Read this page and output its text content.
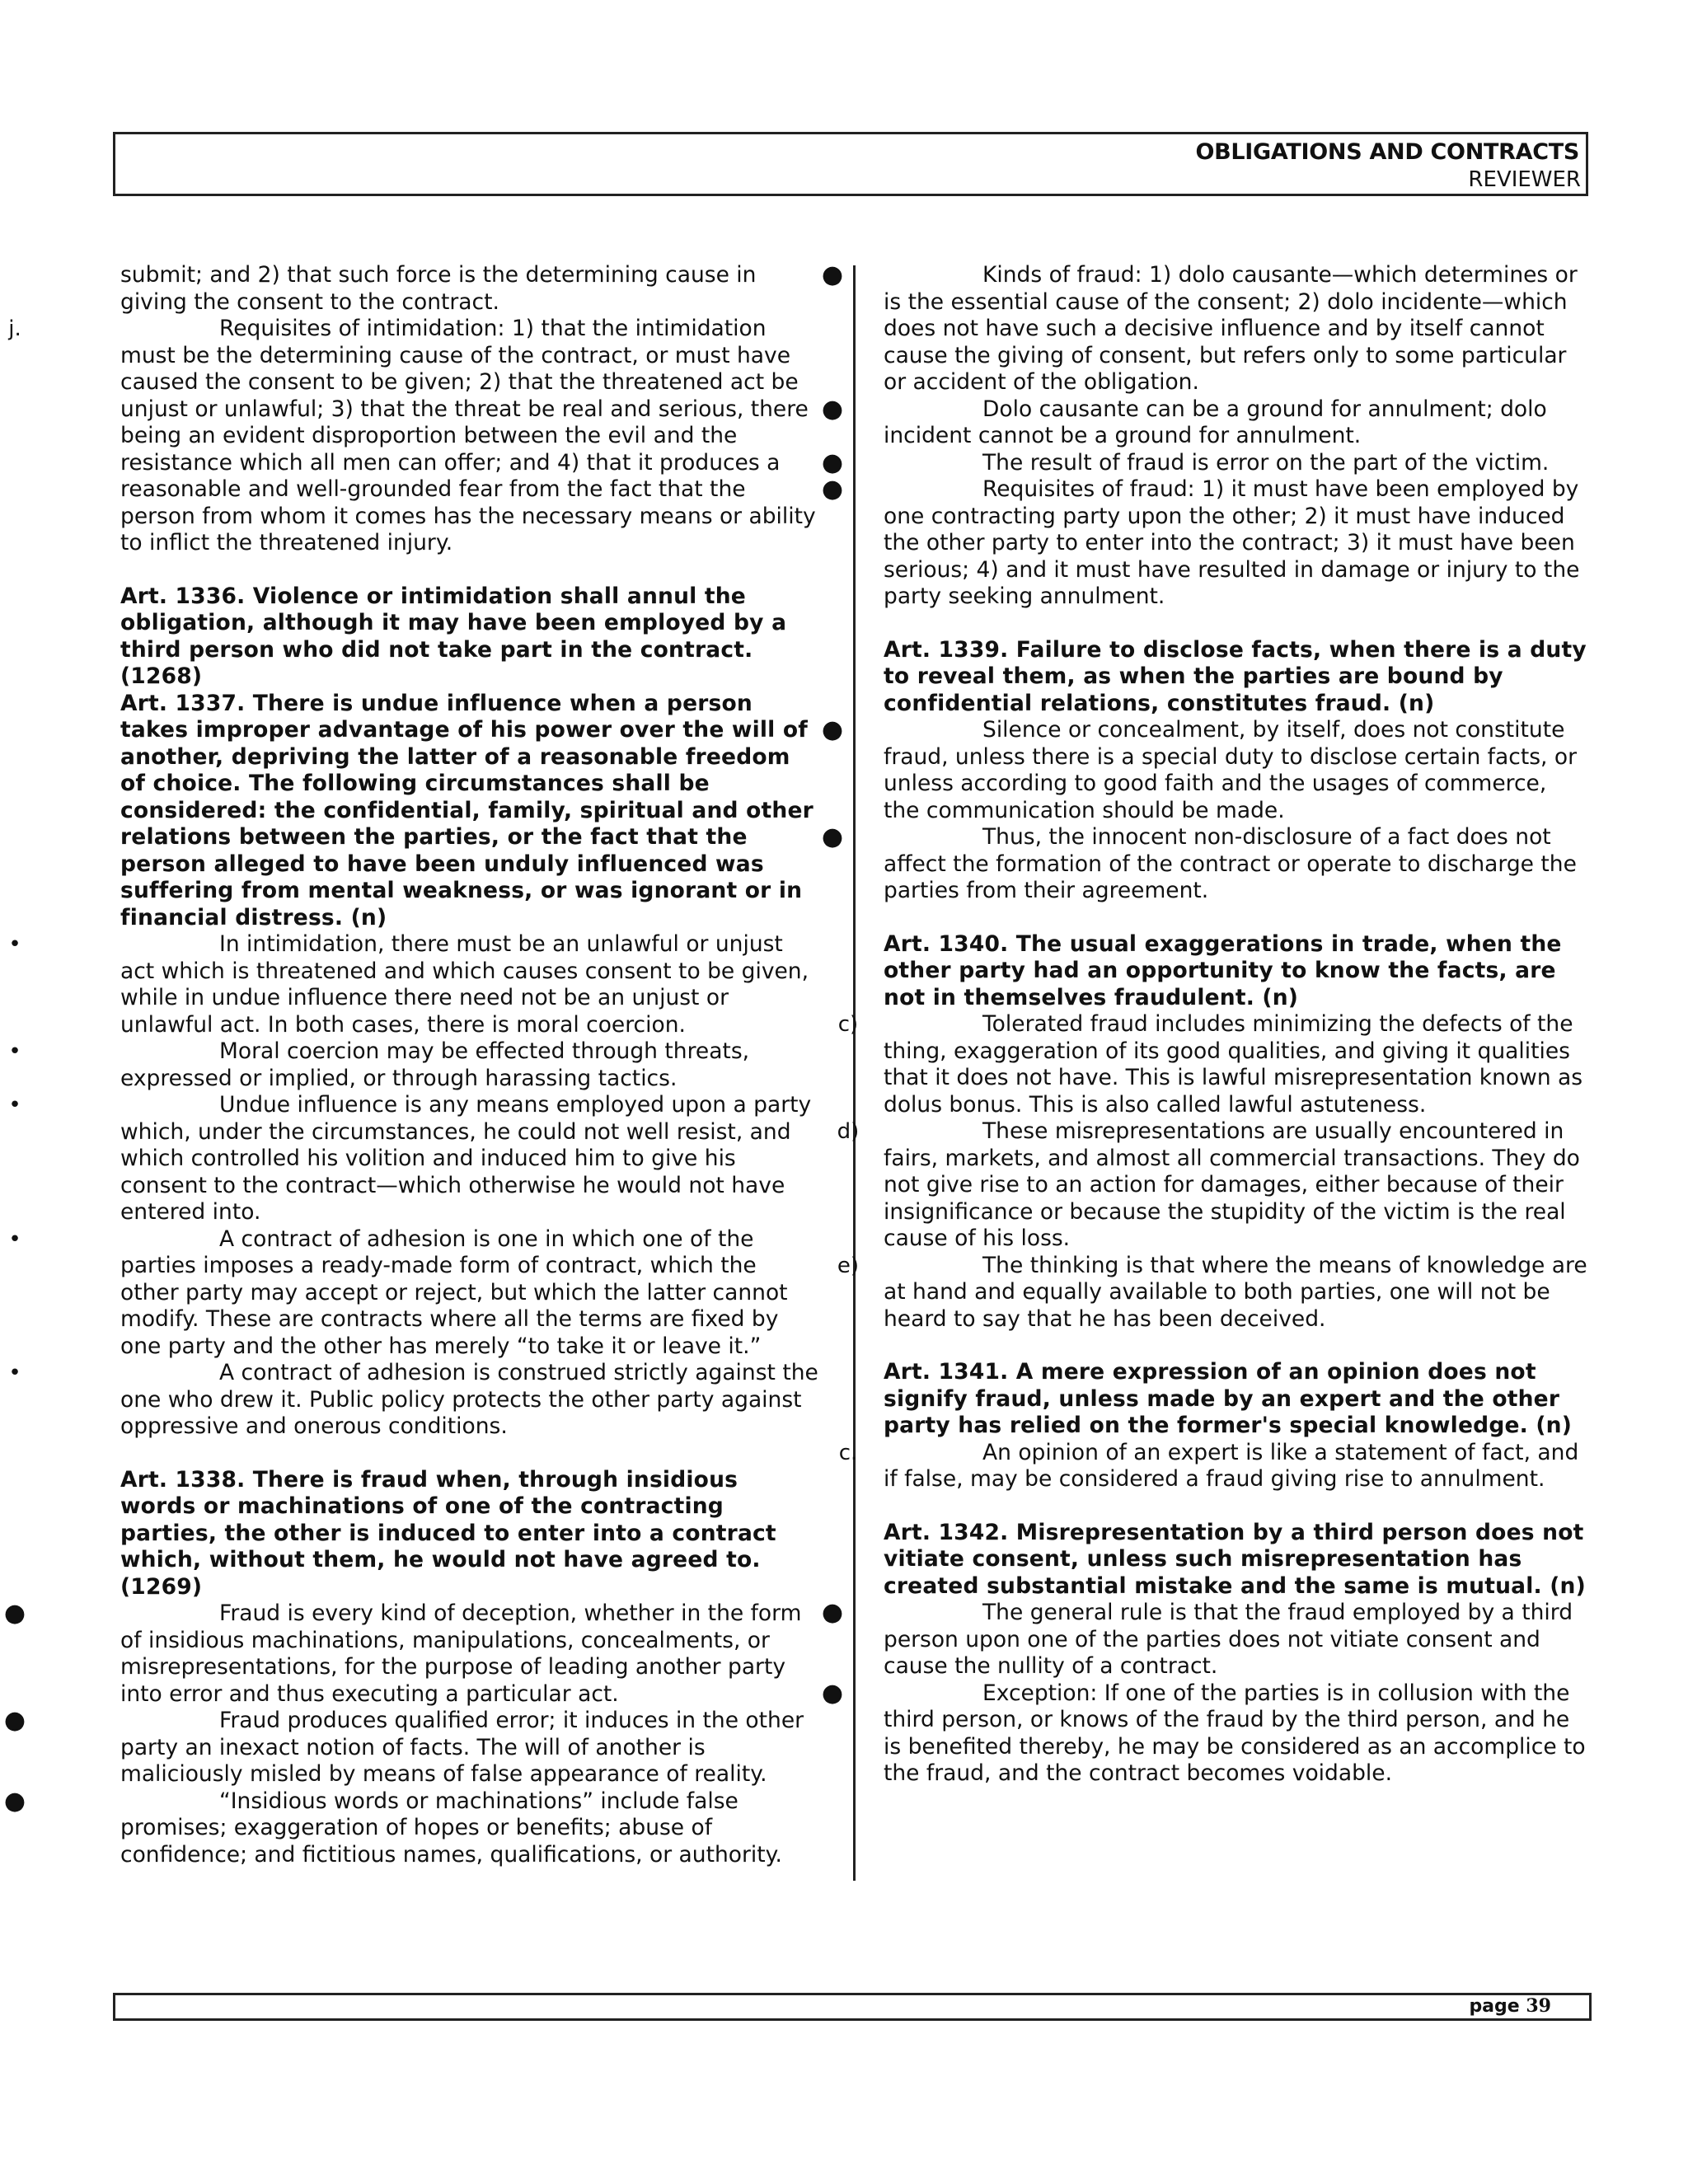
OBLIGATIONS AND CONTRACTS
REVIEWER

submit; and 2) that such force is the determining cause in giving the consent to the contract.

j.	Requisites of intimidation: 1) that the intimidation must be the determining cause of the contract, or must have caused the consent to be given; 2) that the threatened act be unjust or unlawful; 3) that the threat be real and serious, there being an evident disproportion between the evil and the resistance which all men can offer; and 4) that it produces a reasonable and well-grounded fear from the fact that the person from whom it comes has the necessary means or ability to inflict the threatened injury.

Art. 1336. Violence or intimidation shall annul the obligation, although it may have been employed by a third person who did not take part in the contract. (1268)

Art. 1337. There is undue influence when a person takes improper advantage of his power over the will of another, depriving the latter of a reasonable freedom of choice. The following circumstances shall be considered: the confidential, family, spiritual and other relations between the parties, or the fact that the person alleged to have been unduly influenced was suffering from mental weakness, or was ignorant or in financial distress. (n)

•	In intimidation, there must be an unlawful or unjust act which is threatened and which causes consent to be given, while in undue influence there need not be an unjust or unlawful act. In both cases, there is moral coercion.

•	Moral coercion may be effected through threats, expressed or implied, or through harassing tactics.

•	Undue influence is any means employed upon a party which, under the circumstances, he could not well resist, and which controlled his volition and induced him to give his consent to the contract—which otherwise he would not have entered into.

•	A contract of adhesion is one in which one of the parties imposes a ready-made form of contract, which the other party may accept or reject, but which the latter cannot modify. These are contracts where all the terms are fixed by one party and the other has merely “to take it or leave it.”

•	A contract of adhesion is construed strictly against the one who drew it. Public policy protects the other party against oppressive and onerous conditions.

Art. 1338. There is fraud when, through insidious words or machinations of one of the contracting parties, the other is induced to enter into a contract which, without them, he would not have agreed to. (1269)

●	Fraud is every kind of deception, whether in the form of insidious machinations, manipulations, concealments, or misrepresentations, for the purpose of leading another party into error and thus executing a particular act.

●	Fraud produces qualified error; it induces in the other party an inexact notion of facts. The will of another is maliciously misled by means of false appearance of reality.

●	“Insidious words or machinations” include false promises; exaggeration of hopes or benefits; abuse of confidence; and fictitious names, qualifications, or authority.

●	Kinds of fraud: 1) dolo causante—which determines or is the essential cause of the consent; 2) dolo incidente—which does not have such a decisive influence and by itself cannot cause the giving of consent, but refers only to some particular or accident of the obligation.

●	Dolo causante can be a ground for annulment; dolo incident cannot be a ground for annulment.

●	The result of fraud is error on the part of the victim.

●	Requisites of fraud: 1) it must have been employed by one contracting party upon the other; 2) it must have induced the other party to enter into the contract; 3) it must have been serious; 4) and it must have resulted in damage or injury to the party seeking annulment.

Art. 1339. Failure to disclose facts, when there is a duty to reveal them, as when the parties are bound by confidential relations, constitutes fraud. (n)

●	Silence or concealment, by itself, does not constitute fraud, unless there is a special duty to disclose certain facts, or unless according to good faith and the usages of commerce, the communication should be made.

●	Thus, the innocent non-disclosure of a fact does not affect the formation of the contract or operate to discharge the parties from their agreement.

Art. 1340. The usual exaggerations in trade, when the other party had an opportunity to know the facts, are not in themselves fraudulent. (n)

c)	Tolerated fraud includes minimizing the defects of the thing, exaggeration of its good qualities, and giving it qualities that it does not have. This is lawful misrepresentation known as dolus bonus. This is also called lawful astuteness.

d)	These misrepresentations are usually encountered in fairs, markets, and almost all commercial transactions. They do not give rise to an action for damages, either because of their insignificance or because the stupidity of the victim is the real cause of his loss.

e)	The thinking is that where the means of knowledge are at hand and equally available to both parties, one will not be heard to say that he has been deceived.

Art. 1341. A mere expression of an opinion does not signify fraud, unless made by an expert and the other party has relied on the former's special knowledge. (n)

c.	An opinion of an expert is like a statement of fact, and if false, may be considered a fraud giving rise to annulment.

Art. 1342. Misrepresentation by a third person does not vitiate consent, unless such misrepresentation has created substantial mistake and the same is mutual. (n)

●	The general rule is that the fraud employed by a third person upon one of the parties does not vitiate consent and cause the nullity of a contract.

●	Exception: If one of the parties is in collusion with the third person, or knows of the fraud by the third person, and he is benefited thereby, he may be considered as an accomplice to the fraud, and the contract becomes voidable.

page 39
